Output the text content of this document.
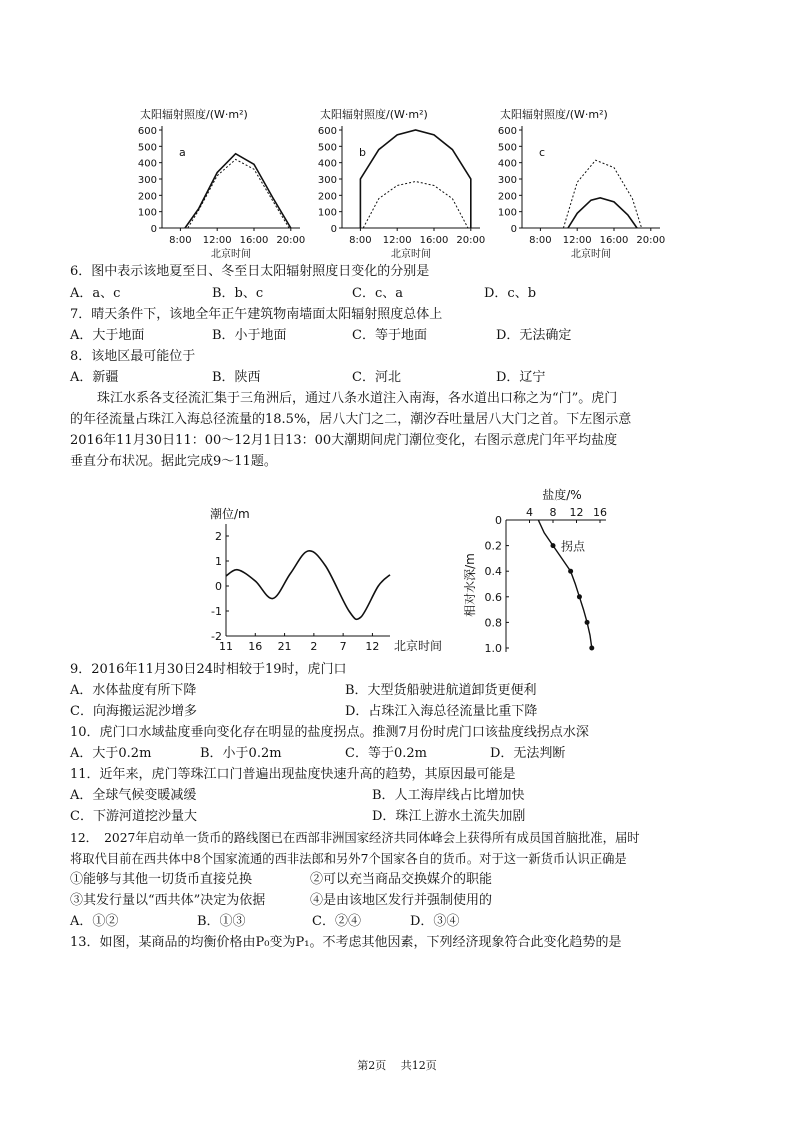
太阳辐射照度/(W·m²)
600
500
400
300
200
100
0
8:00 12:00 16:00 20:00
北京时间
a
太阳辐射照度/(W·m²)
600
500
400
300
200
100
0
8:00 12:00 16:00 20:00
北京时间
b
太阳辐射照度/(W·m²)
600
500
400
300
200
100
0
8:00 12:00 16:00 20:00
北京时间
c
6．图中表示该地夏至日、冬至日太阳辐射照度日变化的分别是
A．a、c	B．b、c	C．c、a	D．c、b
7．晴天条件下，该地全年正午建筑物南墙面太阳辐射照度总体上
A．大于地面	B．小于地面	C．等于地面	D．无法确定
8．该地区最可能位于
A．新疆	B．陕西	C．河北	D．辽宁
珠江水系各支径流汇集于三角洲后，通过八条水道注入南海，各水道出口称之为“门”。虎门
的年径流量占珠江入海总径流量的18.5%，居八大门之二，潮汐吞吐量居八大门之首。下左图示意
2016年11月30日11：00～12月1日13：00大潮期间虎门潮位变化，右图示意虎门年平均盐度
垂直分布状况。据此完成9～11题。
潮位/m
2
1
0
-1
-2
11 16 21 2 7 12 北京时间
盐度/%
4 8 12 16
0
0.2
0.4
0.6
0.8
1.0
相对水深/m
拐点
9．2016年11月30日24时相较于19时，虎门口
A．水体盐度有所下降	B．大型货船驶进航道卸货更便利
C．向海搬运泥沙增多	D．占珠江入海总径流量比重下降
10．虎门口水域盐度垂向变化存在明显的盐度拐点。推测7月份时虎门口该盐度线拐点水深
A．大于0.2m	B．小于0.2m	C．等于0.2m	D．无法判断
11．近年来，虎门等珠江口门普遍出现盐度快速升高的趋势，其原因最可能是
A．全球气候变暖减缓	B．人工海岸线占比增加快
C．下游河道挖沙量大	D．珠江上游水土流失加剧
12．　2027年启动单一货币的路线图已在西部非洲国家经济共同体峰会上获得所有成员国首脑批准，届时
将取代目前在西共体中8个国家流通的西非法郎和另外7个国家各自的货币。对于这一新货币认识正确是
①能够与其他一切货币直接兑换	②可以充当商品交换媒介的职能
③其发行量以“西共体”决定为依据	④是由该地区发行并强制使用的
A．①②	B．①③	C．②④	D．③④
13．如图，某商品的均衡价格由P₀变为P₁。不考虑其他因素，下列经济现象符合此变化趋势的是
第2页　 共12页
